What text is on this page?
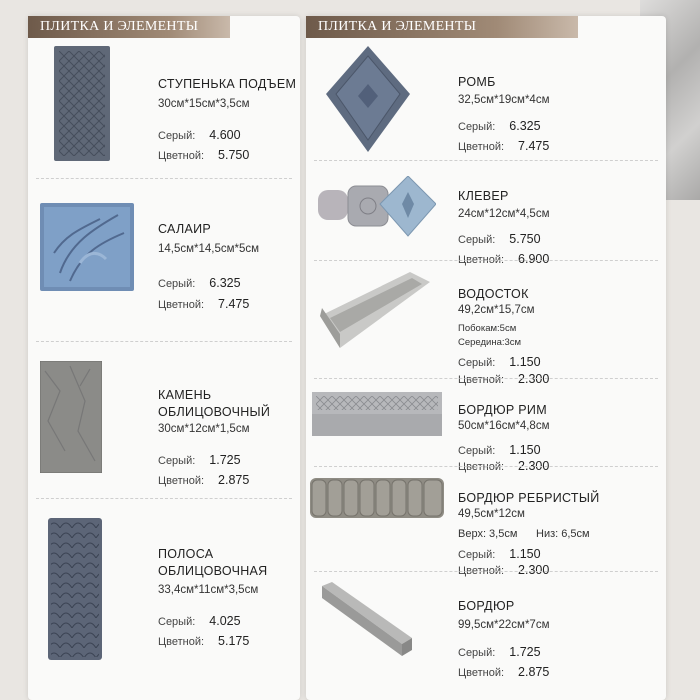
ПЛИТКА И ЭЛЕМЕНТЫ
СТУПЕНЬКА ПОДЪЕМ
30см*15см*3,5см
Серый: 4.600
Цветной: 5.750
САЛАИР
14,5см*14,5см*5см
Серый: 6.325
Цветной: 7.475
КАМЕНЬ
ОБЛИЦОВОЧНЫЙ
30см*12см*1,5см
Серый: 1.725
Цветной: 2.875
ПОЛОСА
ОБЛИЦОВОЧНАЯ
33,4см*11см*3,5см
Серый: 4.025
Цветной: 5.175
ПЛИТКА И ЭЛЕМЕНТЫ
РОМБ
32,5см*19см*4см
Серый: 6.325
Цветной: 7.475
КЛЕВЕР
24см*12см*4,5см
Серый: 5.750
Цветной: 6.900
ВОДОСТОК
49,2см*15,7см
Побокам:5см
Середина:3см
Серый: 1.150
Цветной: 2.300
БОРДЮР РИМ
50см*16см*4,8см
Серый: 1.150
Цветной: 2.300
БОРДЮР РЕБРИСТЫЙ
49,5см*12см
Верх: 3,5см Низ: 6,5см
Серый: 1.150
Цветной: 2.300
БОРДЮР
99,5см*22см*7см
Серый: 1.725
Цветной: 2.875
